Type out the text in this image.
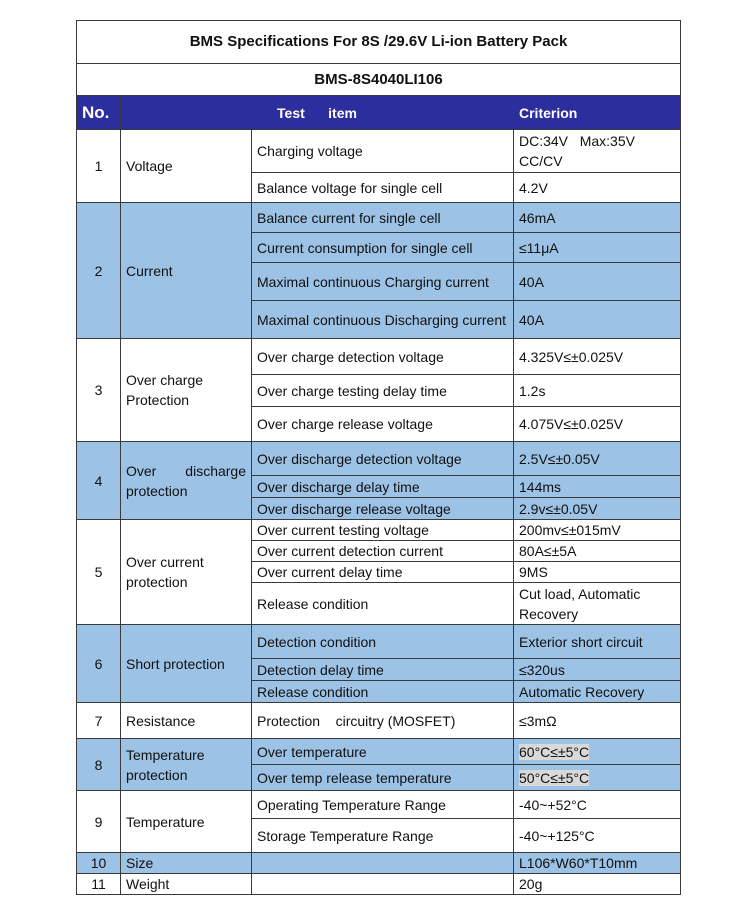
BMS Specifications For 8S /29.6V Li-ion Battery Pack			
BMS-8S4040LI106			
No.	Test item		Criterion
1	Voltage	Charging voltage	DC:34V   Max:35V
CC/CV

		Balance voltage for single cell	4.2V
2	Current	Balance current for single cell	46mA
		Current consumption for single cell	≤11μA
		Maximal continuous Charging current	40A
		Maximal continuous Discharging current	40A
3	Over charge
Protection	Over charge detection voltage	4.325V≤±0.025V
		Over charge testing delay time	1.2s
		Over charge release voltage	4.075V≤±0.025V
4	Over discharge
protection	Over discharge detection voltage	2.5V≤±0.05V
		Over discharge delay time	144ms
		Over discharge release voltage	2.9v≤±0.05V
5	Over current
protection	Over current testing voltage	200mv≤±015mV
		Over current detection current	80A≤±5A
		Over current delay time	9MS
		Release condition	Cut load, Automatic
Recovery

6	Short protection	Detection condition	Exterior short circuit
		Detection delay time	≤320us
		Release condition	Automatic Recovery
7	Resistance	Protection    circuitry (MOSFET)	≤3mΩ
8	Temperature
protection	Over temperature	60°C≤±5°C
		Over temp release temperature	50°C≤±5°C
9	Temperature	Operating Temperature Range	-40~+52°C
		Storage Temperature Range	-40~+125°C
10	Size		L106*W60*T10mm
11	Weight		20g
